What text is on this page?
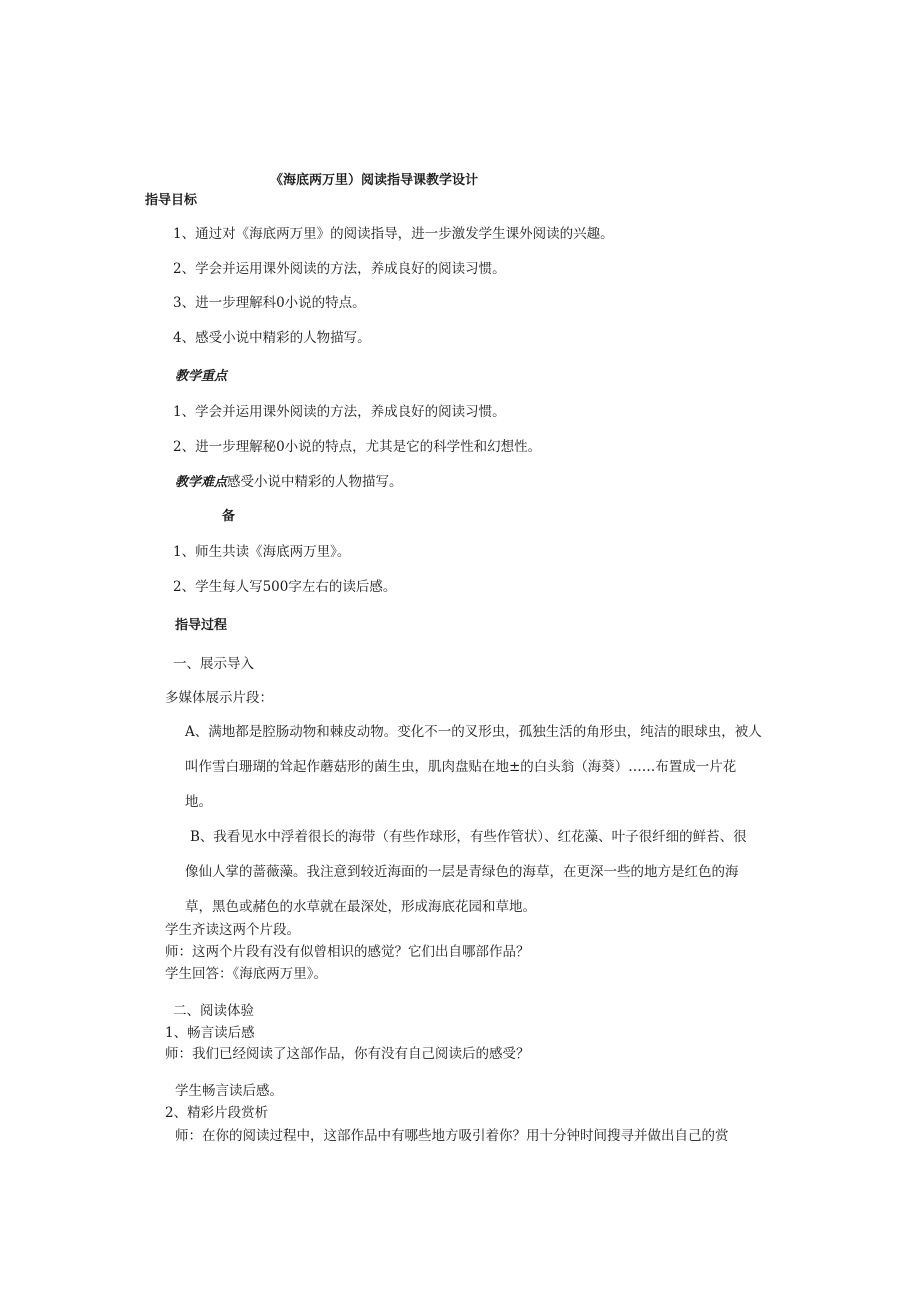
《海底两万里）阅读指导课教学设计

指导目标

1、通过对《海底两万里》的阅读指导，进一步激发学生课外阅读的兴趣。

2、学会并运用课外阅读的方法，养成良好的阅读习惯。

3、进一步理解科0小说的特点。

4、感受小说中精彩的人物描写。

教学重点

1、学会并运用课外阅读的方法，养成良好的阅读习惯。

2、进一步理解秘0小说的特点，尤其是它的科学性和幻想性。

教学难点感受小说中精彩的人物描写。

备

1、师生共读《海底两万里》。

2、学生每人写500字左右的读后感。

指导过程

一、展示导入

多媒体展示片段：

A、满地都是腔肠动物和棘皮动物。变化不一的叉形虫，孤独生活的角形虫，纯洁的眼球虫，被人

叫作雪白珊瑚的耸起作蘑菇形的菌生虫，肌肉盘贴在地±的白头翁（海葵）……布置成一片花

地。

B、我看见水中浮着很长的海带（有些作球形，有些作管状）、红花藻、叶子很纤细的鲜苔、很

像仙人掌的蔷薇藻。我注意到较近海面的一层是青绿色的海草，在更深一些的地方是红色的海

草，黑色或赭色的水草就在最深处，形成海底花园和草地。

学生齐读这两个片段。

师：这两个片段有没有似曾相识的感觉？它们出自哪部作品？

学生回答：《海底两万里》。

二、阅读体验

1、畅言读后感

师：我们已经阅读了这部作品，你有没有自己阅读后的感受？

学生畅言读后感。

2、精彩片段赏析

师：在你的阅读过程中，这部作品中有哪些地方吸引着你？用十分钟时间搜寻并做出自己的赏
